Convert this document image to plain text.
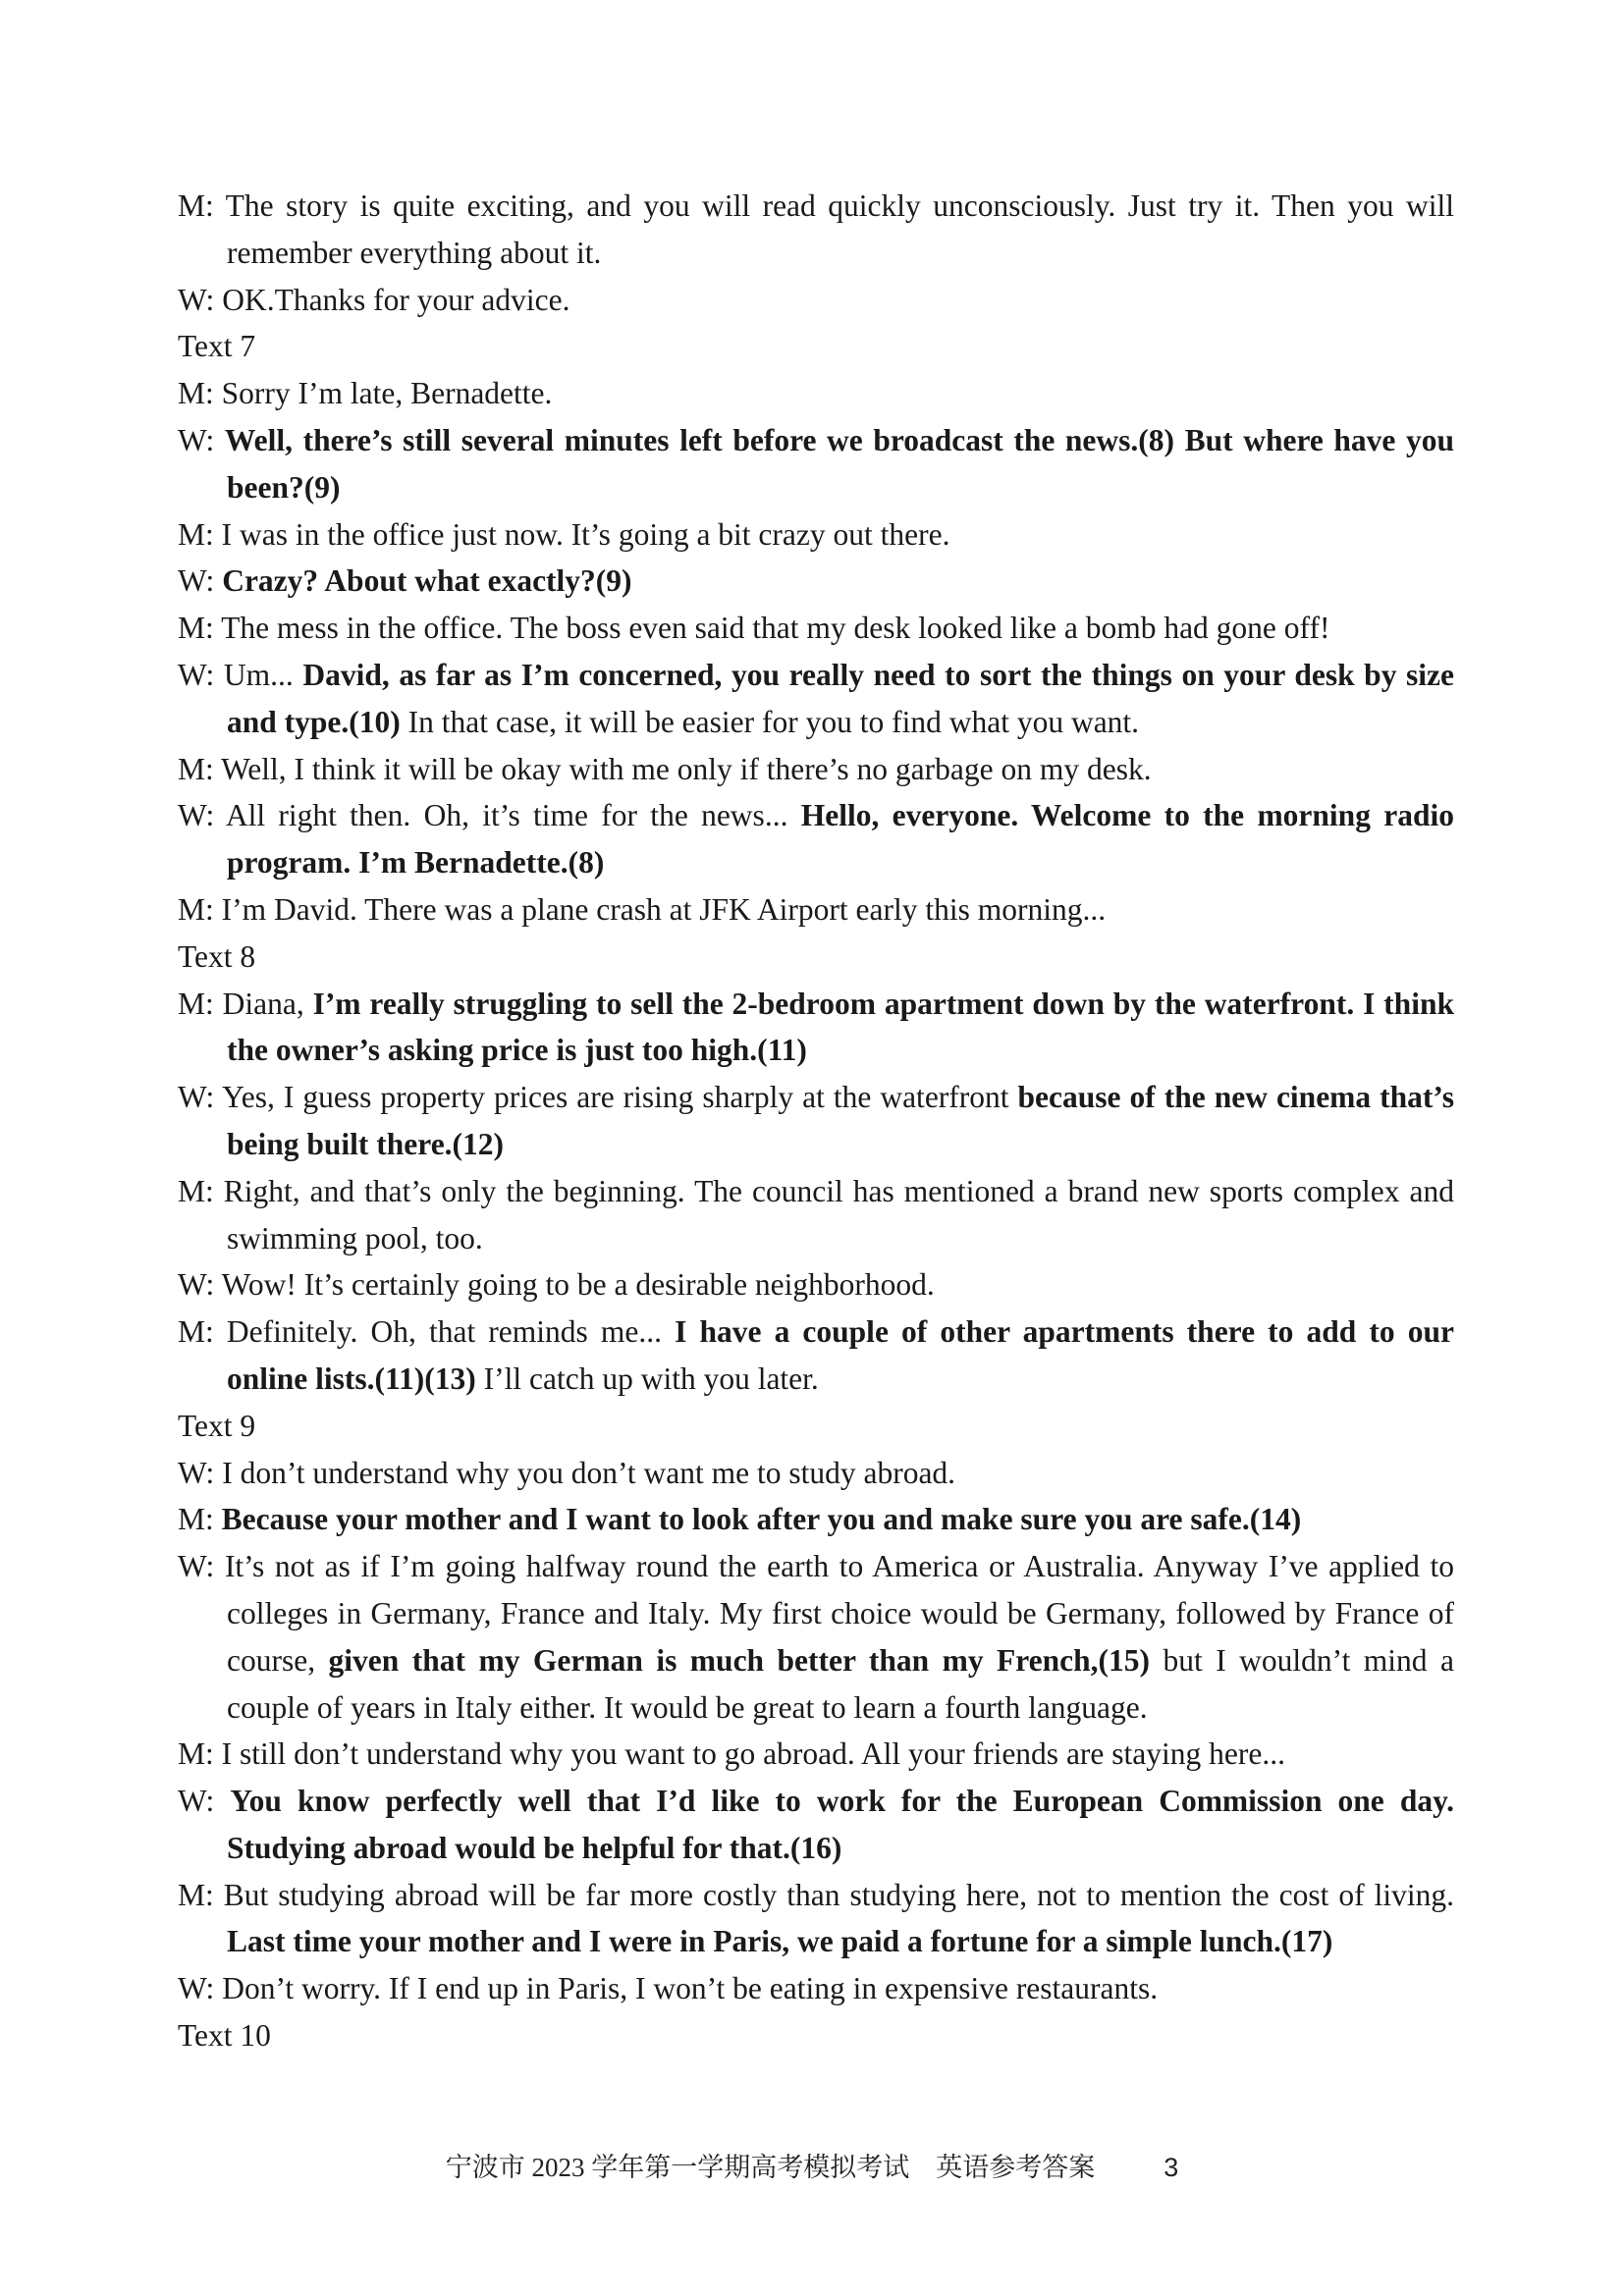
M: The story is quite exciting, and you will read quickly unconsciously. Just try it. Then you will remember everything about it.
W: OK.Thanks for your advice.
Text 7
M: Sorry I’m late, Bernadette.
W: Well, there’s still several minutes left before we broadcast the news.(8) But where have you been?(9)
M: I was in the office just now. It’s going a bit crazy out there.
W: Crazy? About what exactly?(9)
M: The mess in the office. The boss even said that my desk looked like a bomb had gone off!
W: Um... David, as far as I’m concerned, you really need to sort the things on your desk by size and type.(10) In that case, it will be easier for you to find what you want.
M: Well, I think it will be okay with me only if there’s no garbage on my desk.
W: All right then. Oh, it’s time for the news... Hello, everyone. Welcome to the morning radio program. I’m Bernadette.(8)
M: I’m David. There was a plane crash at JFK Airport early this morning...
Text 8
M: Diana, I’m really struggling to sell the 2-bedroom apartment down by the waterfront. I think the owner’s asking price is just too high.(11)
W: Yes, I guess property prices are rising sharply at the waterfront because of the new cinema that’s being built there.(12)
M: Right, and that’s only the beginning. The council has mentioned a brand new sports complex and swimming pool, too.
W: Wow! It’s certainly going to be a desirable neighborhood.
M: Definitely. Oh, that reminds me... I have a couple of other apartments there to add to our online lists.(11)(13) I’ll catch up with you later.
Text 9
W: I don’t understand why you don’t want me to study abroad.
M: Because your mother and I want to look after you and make sure you are safe.(14)
W: It’s not as if I’m going halfway round the earth to America or Australia. Anyway I’ve applied to colleges in Germany, France and Italy. My first choice would be Germany, followed by France of course, given that my German is much better than my French,(15) but I wouldn’t mind a couple of years in Italy either. It would be great to learn a fourth language.
M: I still don’t understand why you want to go abroad. All your friends are staying here...
W: You know perfectly well that I’d like to work for the European Commission one day. Studying abroad would be helpful for that.(16)
M: But studying abroad will be far more costly than studying here, not to mention the cost of living. Last time your mother and I were in Paris, we paid a fortune for a simple lunch.(17)
W: Don’t worry. If I end up in Paris, I won’t be eating in expensive restaurants.
Text 10
宁波市 2023 学年第一学期高考模拟考试　英语参考答案	3
